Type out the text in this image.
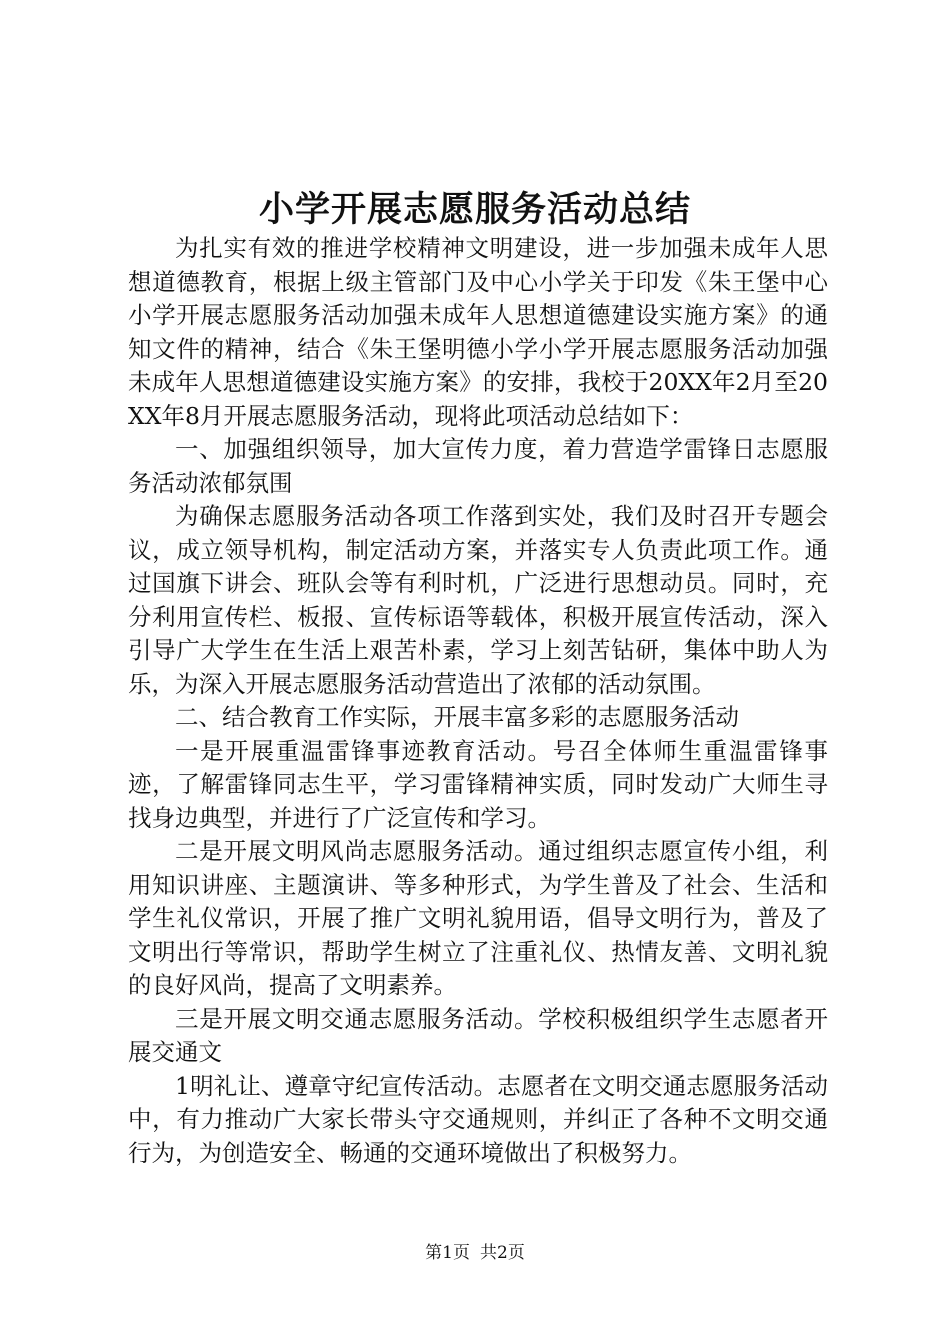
小学开展志愿服务活动总结

为扎实有效的推进学校精神文明建设，进一步加强未成年人思想道德教育，根据上级主管部门及中心小学关于印发《朱王堡中心小学开展志愿服务活动加强未成年人思想道德建设实施方案》的通知文件的精神，结合《朱王堡明德小学小学开展志愿服务活动加强未成年人思想道德建设实施方案》的安排，我校于20XX年2月至20XX年8月开展志愿服务活动，现将此项活动总结如下：

一、加强组织领导，加大宣传力度，着力营造学雷锋日志愿服务活动浓郁氛围

为确保志愿服务活动各项工作落到实处，我们及时召开专题会议，成立领导机构，制定活动方案，并落实专人负责此项工作。通过国旗下讲会、班队会等有利时机，广泛进行思想动员。同时，充分利用宣传栏、板报、宣传标语等载体，积极开展宣传活动，深入引导广大学生在生活上艰苦朴素，学习上刻苦钻研，集体中助人为乐，为深入开展志愿服务活动营造出了浓郁的活动氛围。

二、结合教育工作实际，开展丰富多彩的志愿服务活动

一是开展重温雷锋事迹教育活动。号召全体师生重温雷锋事迹，了解雷锋同志生平，学习雷锋精神实质，同时发动广大师生寻找身边典型，并进行了广泛宣传和学习。

二是开展文明风尚志愿服务活动。通过组织志愿宣传小组，利用知识讲座、主题演讲、等多种形式，为学生普及了社会、生活和学生礼仪常识，开展了推广文明礼貌用语，倡导文明行为，普及了文明出行等常识，帮助学生树立了注重礼仪、热情友善、文明礼貌的良好风尚，提高了文明素养。

三是开展文明交通志愿服务活动。学校积极组织学生志愿者开展交通文

1明礼让、遵章守纪宣传活动。志愿者在文明交通志愿服务活动中，有力推动广大家长带头守交通规则，并纠正了各种不文明交通行为，为创造安全、畅通的交通环境做出了积极努力。

第1页 共2页
